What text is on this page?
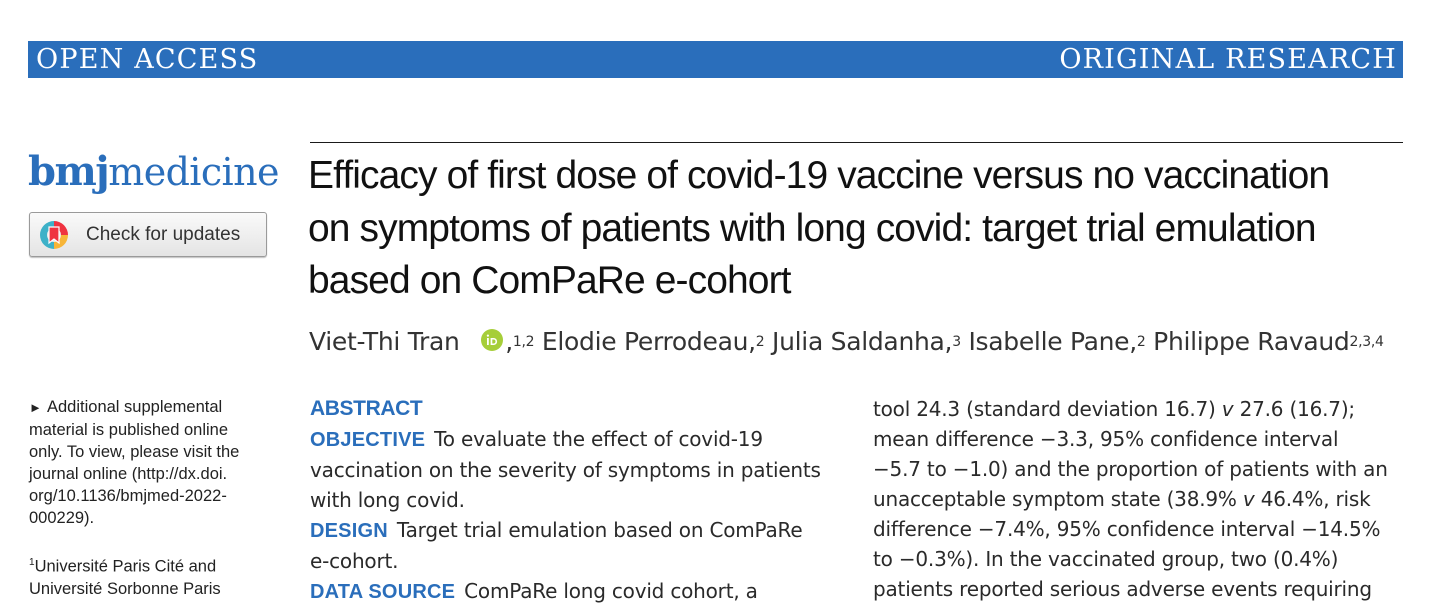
OPEN ACCESS	ORIGINAL RESEARCH
bmjmedicine
Check for updates
Efficacy of first dose of covid-19 vaccine versus no vaccination
on symptoms of patients with long covid: target trial emulation
based on ComPaRe e-cohort
Viet-Thi Tran ,$^{1,2}$ Elodie Perrodeau,$^2$ Julia Saldanha,$^3$ Isabelle Pane,$^2$ Philippe Ravaud$^{2,3,4}$
► Additional supplemental
material is published online
only. To view, please visit the
journal online (http://dx.doi.
org/10.1136/bmjmed-2022-
000229).
$^1$Université Paris Cité and
Université Sorbonne Paris
ABSTRACT

OBJECTIVE To evaluate the effect of covid-19
vaccination on the severity of symptoms in patients
with long covid.

DESIGN Target trial emulation based on ComPaRe
e-cohort.

DATA SOURCE ComPaRe long covid cohort, a

tool 24.3 (standard deviation 16.7) v 27.6 (16.7);
mean difference −3.3, 95% confidence interval
−5.7 to −1.0) and the proportion of patients with an
unacceptable symptom state (38.9% v 46.4%, risk
difference −7.4%, 95% confidence interval −14.5%
to −0.3%). In the vaccinated group, two (0.4%)
patients reported serious adverse events requiring
